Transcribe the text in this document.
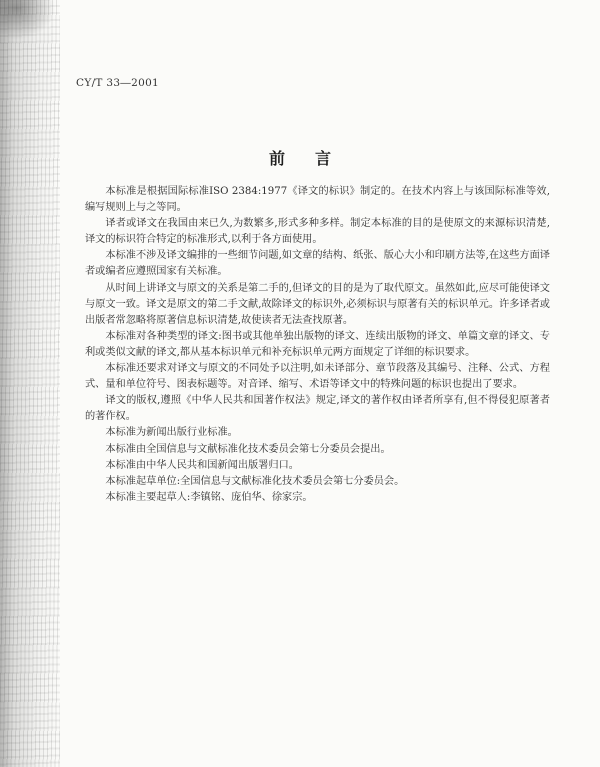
CY/T 33―2001
前言

本标准是根据国际标准ISO 2384:1977《译文的标识》制定的。在技术内容上与该国际标准等效,编写规则上与之等同。

译者或译文在我国由来已久,为数繁多,形式多种多样。制定本标准的目的是使原文的来源标识清楚,译文的标识符合特定的标准形式,以利于各方面使用。

本标准不涉及译文编排的一些细节问题,如文章的结构、纸张、版心大小和印刷方法等,在这些方面译者或编者应遵照国家有关标准。

从时间上讲译文与原文的关系是第二手的,但译文的目的是为了取代原文。虽然如此,应尽可能使译文与原文一致。译文是原文的第二手文献,故除译文的标识外,必须标识与原著有关的标识单元。许多译者或出版者常忽略将原著信息标识清楚,故使读者无法查找原著。

本标准对各种类型的译文:图书或其他单独出版物的译文、连续出版物的译文、单篇文章的译文、专利或类似文献的译文,都从基本标识单元和补充标识单元两方面规定了详细的标识要求。

本标准还要求对译文与原文的不同处予以注明,如未译部分、章节段落及其编号、注释、公式、方程式、量和单位符号、图表标题等。对音译、缩写、术语等译文中的特殊问题的标识也提出了要求。

译文的版权,遵照《中华人民共和国著作权法》规定,译文的著作权由译者所享有,但不得侵犯原著者的著作权。

本标准为新闻出版行业标准。

本标准由全国信息与文献标准化技术委员会第七分委员会提出。

本标准由中华人民共和国新闻出版署归口。

本标准起草单位:全国信息与文献标准化技术委员会第七分委员会。

本标准主要起草人:李镇铭、庞伯华、徐家宗。
